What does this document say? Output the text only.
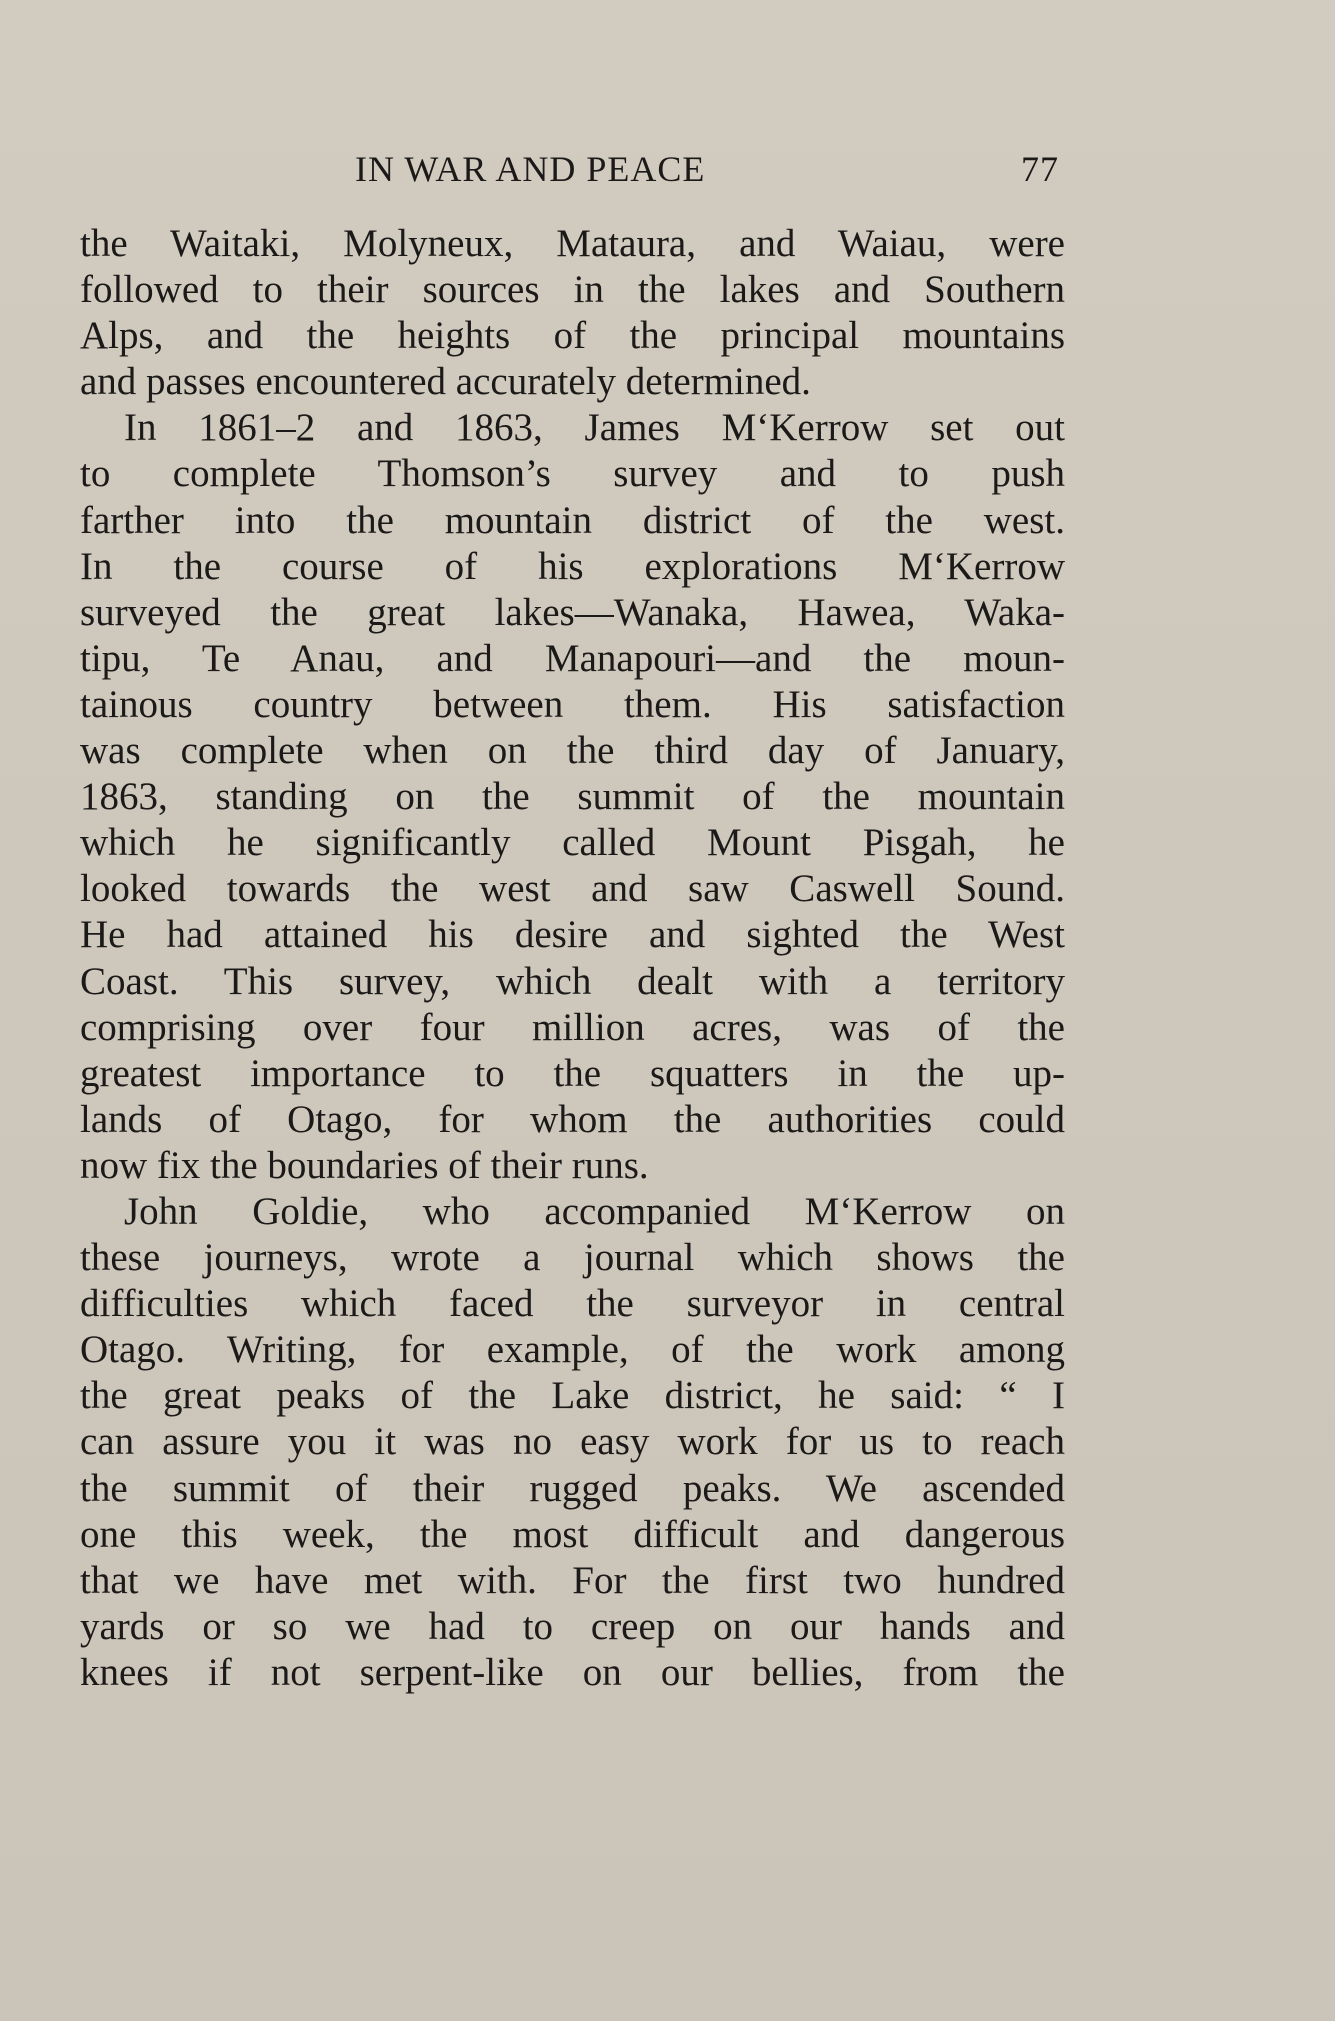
IN WAR AND PEACE	77
the Waitaki, Molyneux, Mataura, and Waiau, were
followed to their sources in the lakes and Southern
Alps, and the heights of the principal mountains
and passes encountered accurately determined.
In 1861–2 and 1863, James M‘Kerrow set out
to complete Thomson’s survey and to push
farther into the mountain district of the west.
In the course of his explorations M‘Kerrow
surveyed the great lakes—Wanaka, Hawea, Waka-
tipu, Te Anau, and Manapouri—and the moun-
tainous country between them. His satisfaction
was complete when on the third day of January,
1863, standing on the summit of the mountain
which he significantly called Mount Pisgah, he
looked towards the west and saw Caswell Sound.
He had attained his desire and sighted the West
Coast. This survey, which dealt with a territory
comprising over four million acres, was of the
greatest importance to the squatters in the up-
lands of Otago, for whom the authorities could
now fix the boundaries of their runs.
John Goldie, who accompanied M‘Kerrow on
these journeys, wrote a journal which shows the
difficulties which faced the surveyor in central
Otago. Writing, for example, of the work among
the great peaks of the Lake district, he said: “ I
can assure you it was no easy work for us to reach
the summit of their rugged peaks. We ascended
one this week, the most difficult and dangerous
that we have met with. For the first two hundred
yards or so we had to creep on our hands and
knees if not serpent-like on our bellies, from the
